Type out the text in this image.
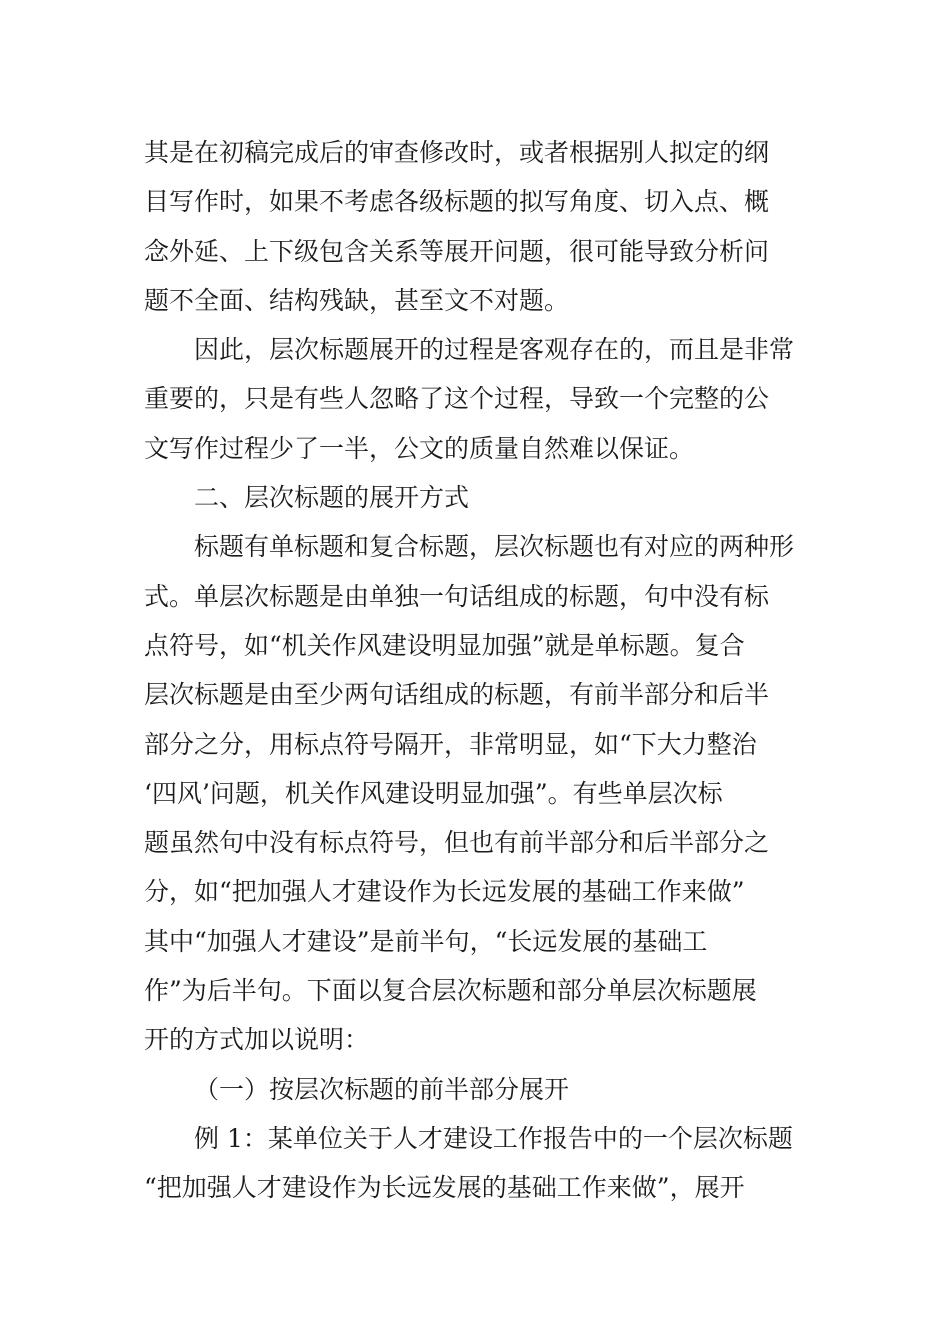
其是在初稿完成后的审查修改时，或者根据别人拟定的纲
目写作时，如果不考虑各级标题的拟写角度、切入点、概
念外延、上下级包含关系等展开问题，很可能导致分析问
题不全面、结构残缺，甚至文不对题。
因此，层次标题展开的过程是客观存在的，而且是非常
重要的，只是有些人忽略了这个过程，导致一个完整的公
文写作过程少了一半，公文的质量自然难以保证。
二、层次标题的展开方式
标题有单标题和复合标题，层次标题也有对应的两种形
式。单层次标题是由单独一句话组成的标题，句中没有标
点符号，如“机关作风建设明显加强”就是单标题。复合
层次标题是由至少两句话组成的标题，有前半部分和后半
部分之分，用标点符号隔开，非常明显，如“下大力整治
‘四风’问题，机关作风建设明显加强”。有些单层次标
题虽然句中没有标点符号，但也有前半部分和后半部分之
分，如“把加强人才建设作为长远发展的基础工作来做”
其中“加强人才建设”是前半句，“长远发展的基础工
作”为后半句。下面以复合层次标题和部分单层次标题展
开的方式加以说明：
（一）按层次标题的前半部分展开
例 1：某单位关于人才建设工作报告中的一个层次标题
“把加强人才建设作为长远发展的基础工作来做”，展开
